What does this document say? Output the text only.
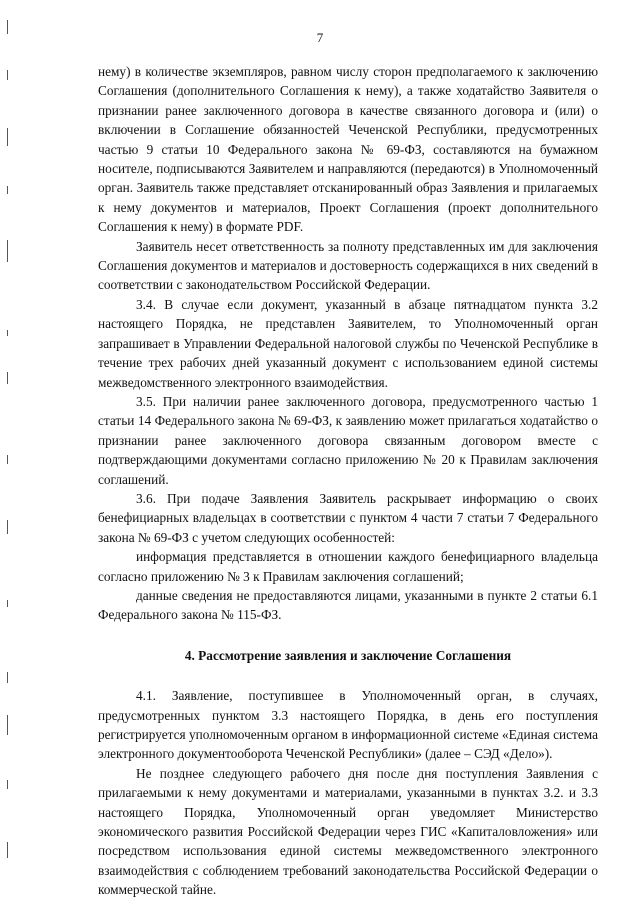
7

нему) в количестве экземпляров, равном числу сторон предполагаемого к заключению Соглашения (дополнительного Соглашения к нему), а также ходатайство Заявителя о признании ранее заключенного договора в качестве связанного договора и (или) о включении в Соглашение обязанностей Чеченской Республики, предусмотренных частью 9 статьи 10 Федерального закона № 69-ФЗ, составляются на бумажном носителе, подписываются Заявителем и направляются (передаются) в Уполномоченный орган. Заявитель также представляет отсканированный образ Заявления и прилагаемых к нему документов и материалов, Проект Соглашения (проект дополнительного Соглашения к нему) в формате PDF.

Заявитель несет ответственность за полноту представленных им для заключения Соглашения документов и материалов и достоверность содержащихся в них сведений в соответствии с законодательством Российской Федерации.

3.4. В случае если документ, указанный в абзаце пятнадцатом пункта 3.2 настоящего Порядка, не представлен Заявителем, то Уполномоченный орган запрашивает в Управлении Федеральной налоговой службы по Чеченской Республике в течение трех рабочих дней указанный документ с использованием единой системы межведомственного электронного взаимодействия.

3.5. При наличии ранее заключенного договора, предусмотренного частью 1 статьи 14 Федерального закона № 69-ФЗ, к заявлению может прилагаться ходатайство о признании ранее заключенного договора связанным договором вместе с подтверждающими документами согласно приложению № 20 к Правилам заключения соглашений.

3.6. При подаче Заявления Заявитель раскрывает информацию о своих бенефициарных владельцах в соответствии с пунктом 4 части 7 статьи 7 Федерального закона № 69-ФЗ с учетом следующих особенностей:

информация представляется в отношении каждого бенефициарного владельца согласно приложению № 3 к Правилам заключения соглашений;

данные сведения не предоставляются лицами, указанными в пункте 2 статьи 6.1 Федерального закона № 115-ФЗ.

4. Рассмотрение заявления и заключение Соглашения

4.1. Заявление, поступившее в Уполномоченный орган, в случаях, предусмотренных пунктом 3.3 настоящего Порядка, в день его поступления регистрируется уполномоченным органом в информационной системе «Единая система электронного документооборота Чеченской Республики» (далее – СЭД «Дело»).

Не позднее следующего рабочего дня после дня поступления Заявления с прилагаемыми к нему документами и материалами, указанными в пунктах 3.2. и 3.3 настоящего Порядка, Уполномоченный орган уведомляет Министерство экономического развития Российской Федерации через ГИС «Капиталовложения» или посредством использования единой системы межведомственного электронного взаимодействия с соблюдением требований законодательства Российской Федерации о коммерческой тайне.
